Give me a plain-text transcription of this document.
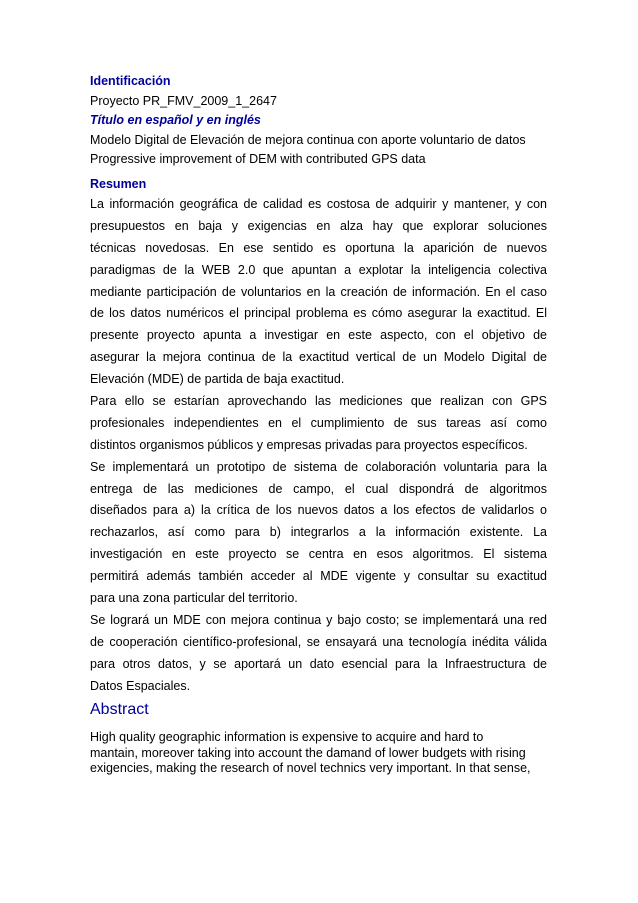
Identificación
Proyecto PR_FMV_2009_1_2647
Título en español y en inglés
Modelo Digital de Elevación de mejora continua con aporte voluntario de datos
Progressive improvement of DEM with contributed GPS data
Resumen
La información geográfica de calidad es costosa de adquirir y mantener, y con
presupuestos en baja y exigencias en alza hay que explorar soluciones
técnicas novedosas. En ese sentido es oportuna la aparición de nuevos
paradigmas de la WEB 2.0 que apuntan a explotar la inteligencia colectiva
mediante participación de voluntarios en la creación de información. En el caso
de los datos numéricos el principal problema es cómo asegurar la exactitud. El
presente proyecto apunta a investigar en este aspecto, con el objetivo de
asegurar la mejora continua de la exactitud vertical de un Modelo Digital de
Elevación (MDE) de partida de baja exactitud.
Para ello se estarían aprovechando las mediciones que realizan con GPS
profesionales independientes en el cumplimiento de sus tareas así como
distintos organismos públicos y empresas privadas para proyectos específicos.
Se implementará un prototipo de sistema de colaboración voluntaria para la
entrega de las mediciones de campo, el cual dispondrá de algoritmos
diseñados para a) la crítica de los nuevos datos a los efectos de validarlos o
rechazarlos, así como para b) integrarlos a la información existente. La
investigación en este proyecto se centra en esos algoritmos. El sistema
permitirá además también acceder al MDE vigente y consultar su exactitud
para una zona particular del territorio.
Se logrará un MDE con mejora continua y bajo costo; se implementará una red
de cooperación científico-profesional, se ensayará una tecnología inédita válida
para otros datos, y se aportará un dato esencial para la Infraestructura de
Datos Espaciales.
Abstract
High quality geographic information is expensive to acquire and hard to
mantain, moreover taking into account the damand of lower budgets with rising
exigencies, making the research of novel technics very important. In that sense,
